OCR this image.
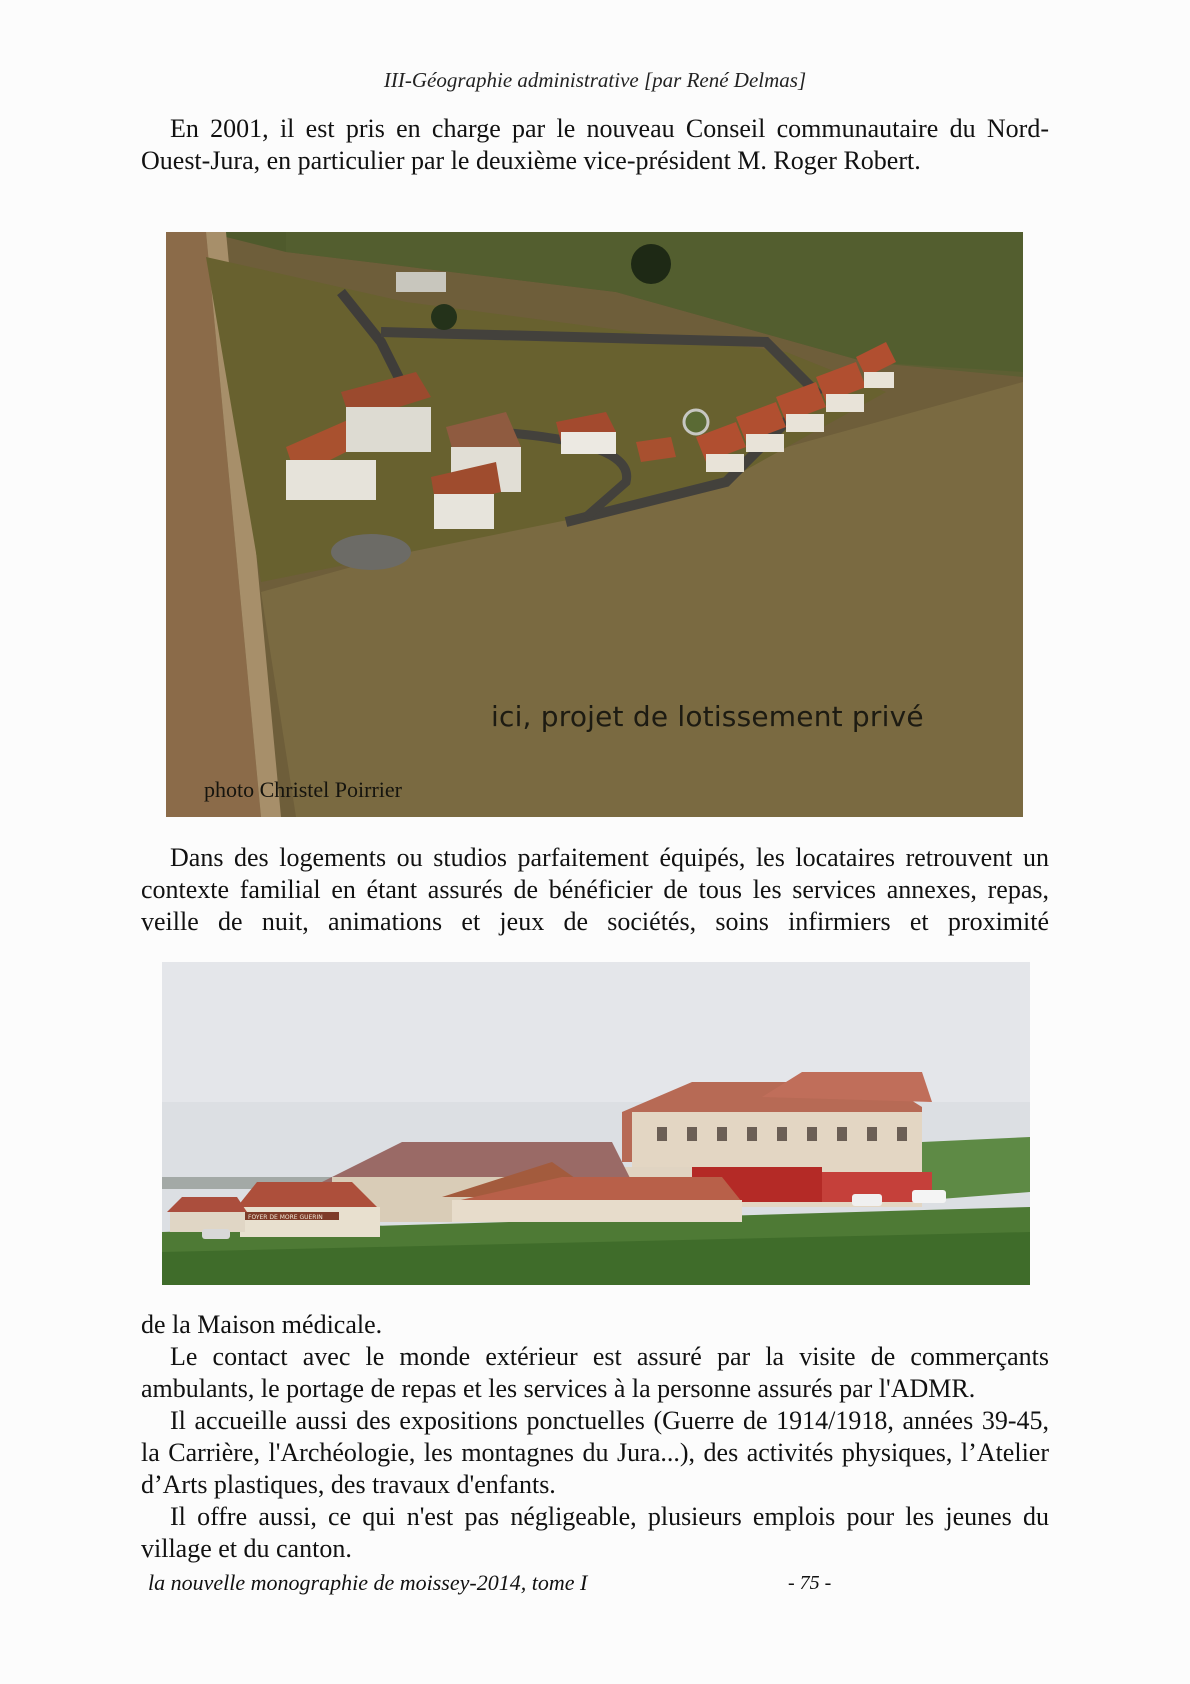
III-Géographie administrative [par René Delmas]

En 2001, il est pris en charge par le nouveau Conseil communautaire du Nord-Ouest-Jura, en particulier par le deuxième vice-président M. Roger Robert.

ici, projet de lotissement privé
photo Christel Poirrier

Dans des logements ou studios parfaitement équipés, les locataires retrouvent un contexte familial en étant assurés de bénéficier de tous les services annexes, repas, veille de nuit, animations et jeux de sociétés, soins infirmiers et proximité

FOYER DE MORE GUERIN

de la Maison médicale.

Le contact avec le monde extérieur est assuré par la visite de commerçants ambulants, le portage de repas et les services à la personne assurés par l'ADMR.

Il accueille aussi des expositions ponctuelles (Guerre de 1914/1918, années 39-45, la Carrière, l'Archéologie, les montagnes du Jura...), des activités physiques, l’Atelier d’Arts plastiques, des travaux d'enfants.

Il offre aussi, ce qui n'est pas négligeable, plusieurs emplois pour les jeunes du village et du canton.

la nouvelle monographie de moissey-2014, tome I	- 75 -
